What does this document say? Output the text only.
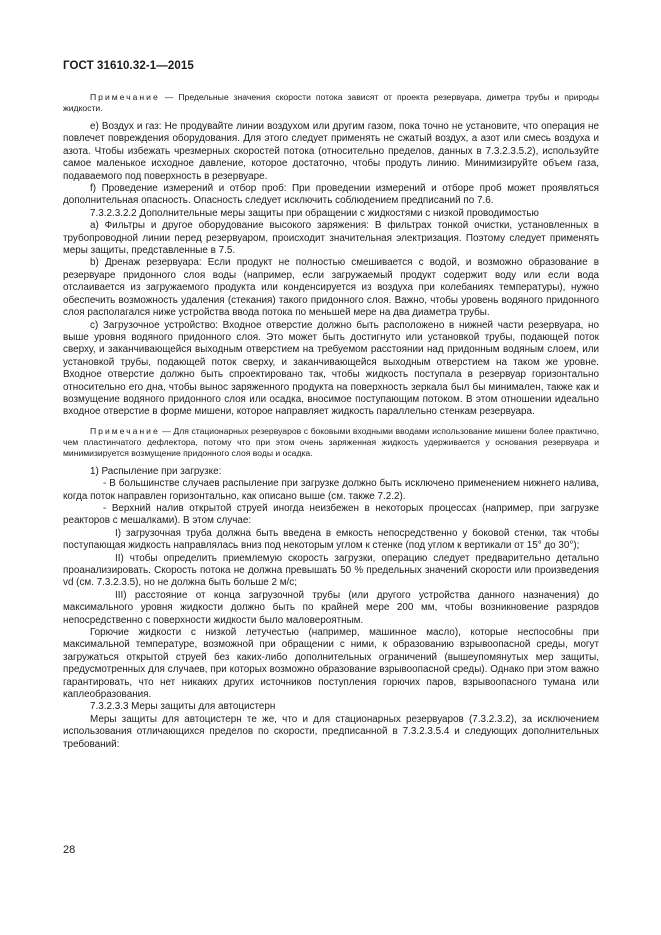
ГОСТ 31610.32-1—2015

Примечание — Предельные значения скорости потока зависят от проекта резервуара, диметра трубы и природы жидкости.

е) Воздух и газ: Не продувайте линии воздухом или другим газом, пока точно не установите, что операция не повлечет повреждения оборудования. Для этого следует применять не сжатый воздух, а азот или смесь воздуха и азота. Чтобы избежать чрезмерных скоростей потока (относительно пределов, данных в 7.3.2.3.5.2), используйте самое маленькое исходное давление, которое достаточно, чтобы продуть линию. Минимизируйте объем газа, подаваемого под поверхность в резервуаре.

f) Проведение измерений и отбор проб: При проведении измерений и отборе проб может проявляться дополнительная опасность. Опасность следует исключить соблюдением предписаний по 7.6.

7.3.2.3.2.2 Дополнительные меры защиты при обращении с жидкостями с низкой проводимостью

а) Фильтры и другое оборудование высокого заряжения: В фильтрах тонкой очистки, установленных в трубопроводной линии перед резервуаром, происходит значительная электризация. Поэтому следует применять меры защиты, представленные в 7.5.

b) Дренаж резервуара: Если продукт не полностью смешивается с водой, и возможно образование в резервуаре придонного слоя воды (например, если загружаемый продукт содержит воду или если вода отслаивается из загружаемого продукта или конденсируется из воздуха при колебаниях температуры), нужно обеспечить возможность удаления (стекания) такого придонного слоя. Важно, чтобы уровень водяного придонного слоя располагался ниже устройства ввода потока по меньшей мере на два диаметра трубы.

с) Загрузочное устройство: Входное отверстие должно быть расположено в нижней части резервуара, но выше уровня водяного придонного слоя. Это может быть достигнуто или установкой трубы, подающей поток сверху, и заканчивающейся выходным отверстием на требуемом расстоянии над придонным водяным слоем, или установкой трубы, подающей поток сверху, и заканчивающейся выходным отверстием на таком же уровне. Входное отверстие должно быть спроектировано так, чтобы жидкость поступала в резервуар горизонтально относительно его дна, чтобы вынос заряженного продукта на поверхность зеркала был бы минимален, также как и возмущение водяного придонного слоя или осадка, вносимое поступающим потоком. В этом отношении идеально входное отверстие в форме мишени, которое направляет жидкость параллельно стенкам резервуара.

Примечание — Для стационарных резервуаров с боковыми входными вводами использование мишени более практично, чем пластинчатого дефлектора, потому что при этом очень заряженная жидкость удерживается у основания резервуара и минимизируется возмущение придонного слоя воды и осадка.

1) Распыление при загрузке:

- В большинстве случаев распыление при загрузке должно быть исключено применением нижнего налива, когда поток направлен горизонтально, как описано выше (см. также 7.2.2).

- Верхний налив открытой струей иногда неизбежен в некоторых процессах (например, при загрузке реакторов с мешалками). В этом случае:

I) загрузочная труба должна быть введена в емкость непосредственно у боковой стенки, так чтобы поступающая жидкость направлялась вниз под некоторым углом к стенке (под углом к вертикали от 15° до 30°);

II) чтобы определить приемлемую скорость загрузки, операцию следует предварительно детально проанализировать. Скорость потока не должна превышать 50 % предельных значений скорости или произведения vd (см. 7.3.2.3.5), но не должна быть больше 2 м/с;

III) расстояние от конца загрузочной трубы (или другого устройства данного назначения) до максимального уровня жидкости должно быть по крайней мере 200 мм, чтобы возникновение разрядов непосредственно с поверхности жидкости было маловероятным.

Горючие жидкости с низкой летучестью (например, машинное масло), которые неспособны при максимальной температуре, возможной при обращении с ними, к образованию взрывоопасной среды, могут загружаться открытой струей без каких-либо дополнительных ограничений (вышеупомянутых мер защиты, предусмотренных для случаев, при которых возможно образование взрывоопасной среды). Однако при этом важно гарантировать, что нет никаких других источников поступления горючих паров, взрывоопасного тумана или каплеобразования.

7.3.2.3.3 Меры защиты для автоцистерн

Меры защиты для автоцистерн те же, что и для стационарных резервуаров (7.3.2.3.2), за исключением использования отличающихся пределов по скорости, предписанной в 7.3.2.3.5.4 и следующих дополнительных требований:

28
